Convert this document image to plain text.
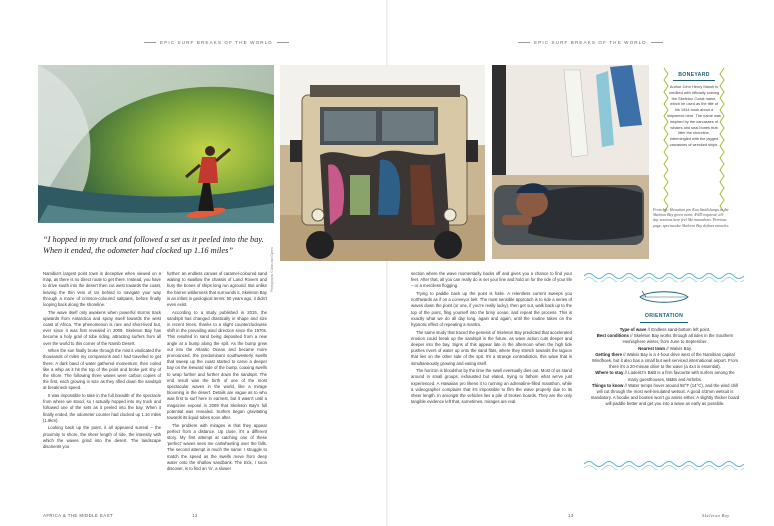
EPIC SURF BREAKS OF THE WORLD	EPIC SURF BREAKS OF THE WORLD
Photographs © Alan van Gysen
BONEYARD
Author John Henry Marsh is credited with officially coining the Skeleton Coast name, which he used as the title of his 1944 book about a shipwreck here. The name was inspired by the carcasses of whales and seal bones that litter the shoreline, intermingled with the jagged carcasses of wrecked ships.
From left: Hawaiian pro Koa Smith hangs in the Skeleton Bay green room; 4WD required; all-day sessions here feel like marathons. Previous page: spectacular Skeleton Bay defines miracles
“I hopped in my truck and followed a set as it peeled into the bay. When it ended, the odometer had clocked up 1.16 miles”

Namibia's largest point town is deceptive when viewed on a map, as there is no direct route to get there. Instead, you have to drive south into the desert then cut west towards the coast, leaving the thin vein of tar behind to navigate your way through a maze of crimson-coloured saltpans, before finally looping back along the shoreline.

The wave itself only awakens when powerful storms track upwards from Antarctica and spray swell towards the west coast of Africa. The phenomenon is rare and short-lived but, ever since it was first revealed in 2009, Skeleton Bay has become a holy grail of tube riding, attracting surfers from all over the world to this corner of the Namib Desert.

When the sun finally broke through the mist it vindicated the thousands of miles my companions and I had travelled to get there. A dark band of water gathered momentum, then coiled like a whip as it hit the top of the point and broke just shy of the shore. The following three waves were carbon copies of the first, each growing in size as they rifled down the sandspit at breakneck speed.

It was impossible to take in the full breadth of the spectacle from where we stood, so I actually hopped into my truck and followed one of the sets as it peeled into the bay. When it finally ended, the odometer counter had clocked up 1.16 miles (1.9km).

Looking back up the point, it all appeared surreal – the proximity to shore, the sheer length of ride, the intensity with which the waves grind into the desert. The landscape disorients you

further: an endless canvas of caramel-coloured sand waiting to swallow the chassis of Land Rovers and bury the bones of ships long run aground. But unlike the barren wilderness that surrounds it, Skeleton Bay is an infant in geological terms: 50 years ago, it didn't even exist.

According to a study published in 2015, the sandspit has changed drastically in shape and size in recent times, thanks to a slight counterclockwise shift in the prevailing wind direction since the 1970s. This resulted in sand being deposited from a new angle at a bump along the spit. As the bump grew out into the Atlantic Ocean and became more pronounced, the predominant southwesterly swells that sweep up the coast started to carve a deeper bay on the leeward side of the bump, coaxing swells to wrap further and further down the sandspit. The end result was the birth of one of the most spectacular waves in the world, like a mirage blooming in the desert. Details are vague as to who was first to surf here in earnest, but it wasn't until a magazine exposé in 2009 that Skeleton Bay's full potential was revealed. Surfers began gravitating towards its liquid tubes soon after.

The problem with mirages is that they appear perfect from a distance. Up close, it's a different story. My first attempt at catching one of these 'perfect' waves sees me cartwheeling over the falls. The second attempt is much the same: I struggle to match the speed as the swells move from deep water onto the shallow sandbank. The trick, I soon discover, is to find an 'in', a slower

section where the wave momentarily backs off and gives you a chance to find your feet. After that, all you can really do is set your line and hold on for the ride of your life – or a merciless flogging.

Trying to paddle back up the point is futile. A relentless current sweeps you northwards as if on a conveyor belt. The most sensible approach is to ride a series of waves down the point (or one, if you're really lucky), then get out, walk back up to the top of the point, fling yourself into the briny ocean, and repeat the process. This is exactly what we do all day long, again and again, until the routine takes on the hypnotic effect of repeating a mantra.

The same study that traced the genesis of Skeleton Bay predicted that accelerated erosion could break up the sandspit in the future, as wave action cuts deeper and deeper into the bay. Signs of this appear late in the afternoon when the high tide pushes rivers of water up onto the sand flats, where they stretch towards the lagoon that lies on the other side of the spit. It's a strange contradiction, this wave that is simultaneously growing and eating itself.

The horizon is bloodshot by the time the swell eventually dies out. Most of us stand around in small groups, exhausted but elated, trying to fathom what we've just experienced. A Hawaiian pro likens it to running an adrenaline-filled marathon, while a videographer complains that it's impossible to film the wave properly due to its sheer length. In amongst the vehicles lies a pile of broken boards. They are the only tangible evidence left that, sometimes, mirages are real.

ORIENTATION
Type of wave // Endless sand-bottom left point.
Best conditions // Skeleton Bay works through all tides in the Southern Hemisphere winter, from June to September.
Nearest town // Walvis Bay.
Getting there // Walvis Bay is a 4-hour drive west of the Namibian capital Windhoek, but it also has a small but well serviced international airport. From there it's a 20-minute drive to the wave (a 4x4 is essential).
Where to stay // Lüderitz's B&B is a firm favourite with surfers among the many guesthouses, B&Bs and Airbnbs.
Things to know // Water temps hover around 58°F (14°C), and the wind chill will cut through the most well-insulated wetsuit. A good 4/3mm wetsuit is mandatory. A hoodie and booties won't go amiss either. A slightly thicker board will paddle better and get you into a wave as early as possible.
AFRICA & THE MIDDLE EAST	12	13	Skeleton Bay
